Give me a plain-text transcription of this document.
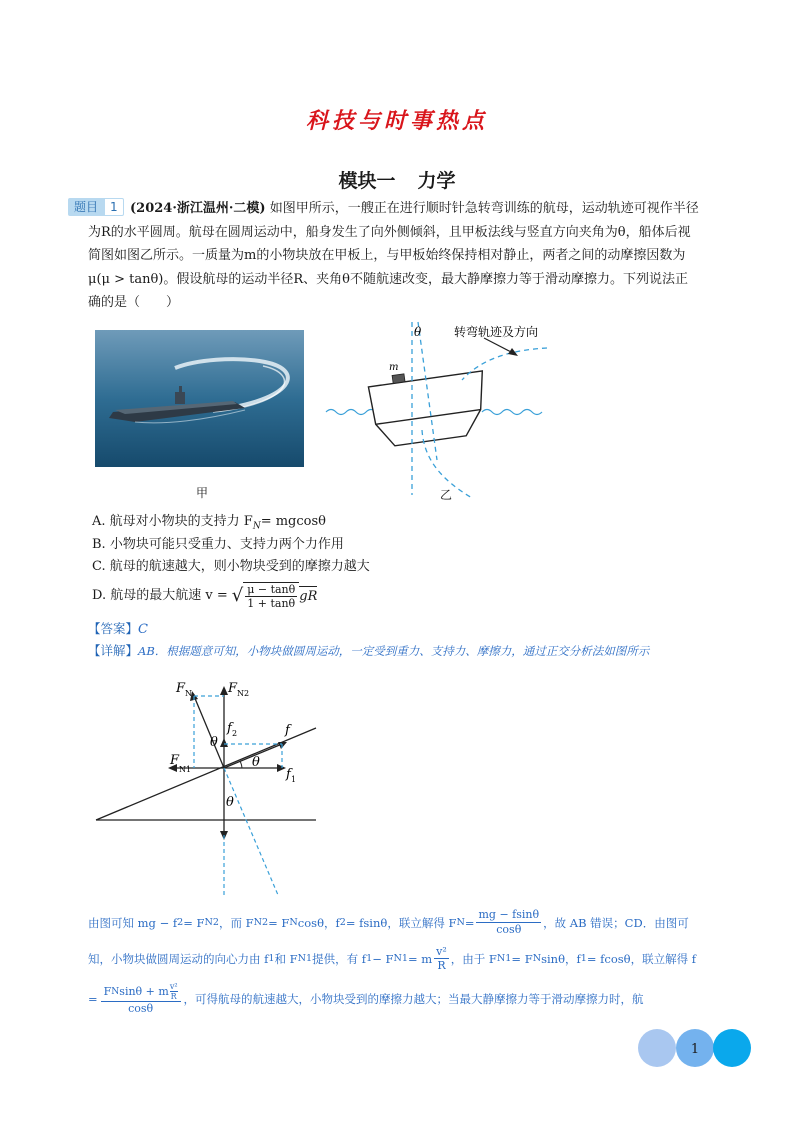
科技与时事热点
模块一 力学
题目	1 (2024·浙江温州·二模) 如图甲所示，一艘正在进行顺时针急转弯训练的航母，运动轨迹可视作半径
为R的水平圆周。航母在圆周运动中，船身发生了向外侧倾斜，且甲板法线与竖直方向夹角为θ，船体后视
简图如图乙所示。一质量为m的小物块放在甲板上，与甲板始终保持相对静止，两者之间的动摩擦因数为
μ(μ > tanθ)。假设航母的运动半径R、夹角θ不随航速改变，最大静摩擦力等于滑动摩擦力。下列说法正
确的是（　　）
甲
θ
m
转弯轨迹及方向
乙
A. 航母对小物块的支持力 $F_N= mgcos\theta$
B. 小物块可能只受重力、支持力两个力作用
C. 航母的航速越大，则小物块受到的摩擦力越大
D. 航母的最大航速 v = √ $\frac{\mu - \tan\theta}{1 + \tan\theta}$ gR
【答案】C
【详解】AB．根据题意可知，小物块做圆周运动，一定受到重力、支持力、摩擦力，通过正交分析法如图所示
F N	F N2
F
N1
f
f 1
f 2
θ
θ
θ
由图可知 mg − f 2 = F N2 ，而 F N2 = F N cosθ，f 2 = fsinθ，联立解得 F $N = \frac{mg - fsin\theta}{\cos\theta}$ ，故 AB 错误；CD．由图可
知，小物块做圆周运动的向心力由 f 1 和 F N1 提供，有 f 1 − F N1 = m $\frac{\text{v²}}{R}$ ，由于 F N1 = F N sinθ，f 1 = fcosθ，联立解得 f
= $\frac{F N \sin\theta + m \frac{\text{v²}}{R}}{\cos\theta}$ ，可得航母的航速越大，小物块受到的摩擦力越大；当最大静摩擦力等于滑动摩擦力时，航
1
